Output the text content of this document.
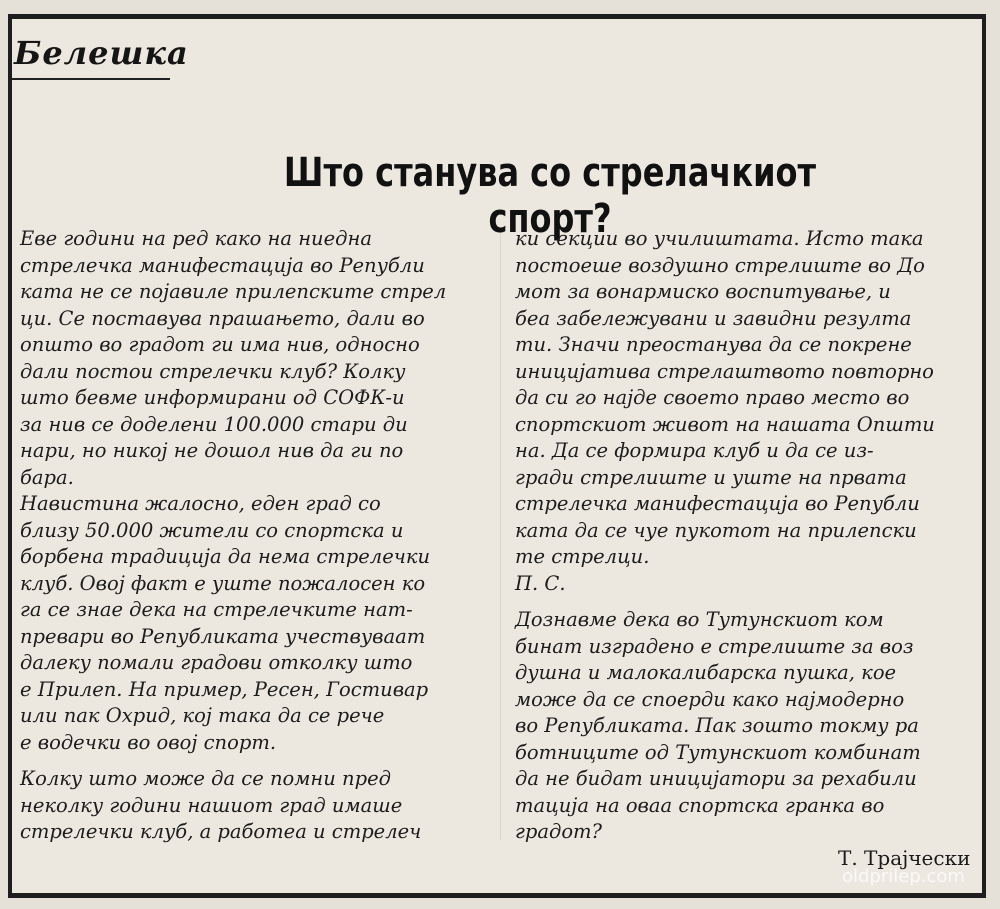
Белешка
Што станува со стрелачкиот спорт?
Еве години на ред како на ниедна
стрелечка манифестација во Републи
ката не се појавиле прилепските стрел
ци. Се поставува прашањето, дали во
општо во градот ги има нив, односно
дали постои стрелечки клуб? Колку
што бевме информирани од СОФК-и
за нив се доделени 100.000 стари ди
нари, но никој не дошол нив да ги по
бара.
Навистина жалосно, еден град со
близу 50.000 жители со спортска и
борбена традиција да нема стрелечки
клуб. Овој факт е уште пожалосен ко
га се знае дека на стрелечките нат-
превари во Републиката учествуваат
далеку помали градови отколку што
е Прилеп. На пример, Ресен, Гостивар
или пак Охрид, кој така да се рече
е водечки во овој спорт.
Колку што може да се помни пред
неколку години нашиот град имаше
стрелечки клуб, а работеа и стрелеч
ки секции во училиштата. Исто така
постоеше воздушно стрелиште во До
мот за вонармиско воспитување, и
беа забележувани и завидни резулта
ти. Значи преостанува да се покрене
иницијатива стрелаштвото повторно
да си го најде своето право место во
спортскиот живот на нашата Општи
на. Да се формира клуб и да се из-
гради стрелиште и уште на првата
стрелечка манифестација во Републи
ката да се чуе пукотот на прилепски
те стрелци.
П. С.
Дознавме дека во Тутунскиот ком
бинат изградено е стрелиште за воз
душна и малокалибарска пушка, кое
може да се споерди како најмодерно
во Републиката. Пак зошто токму ра
ботниците од Тутунскиот комбинат
да не бидат иницијатори за рехабили
тација на оваа спортска гранка во
градот?
Т. Трајчески
oldprilep.com
